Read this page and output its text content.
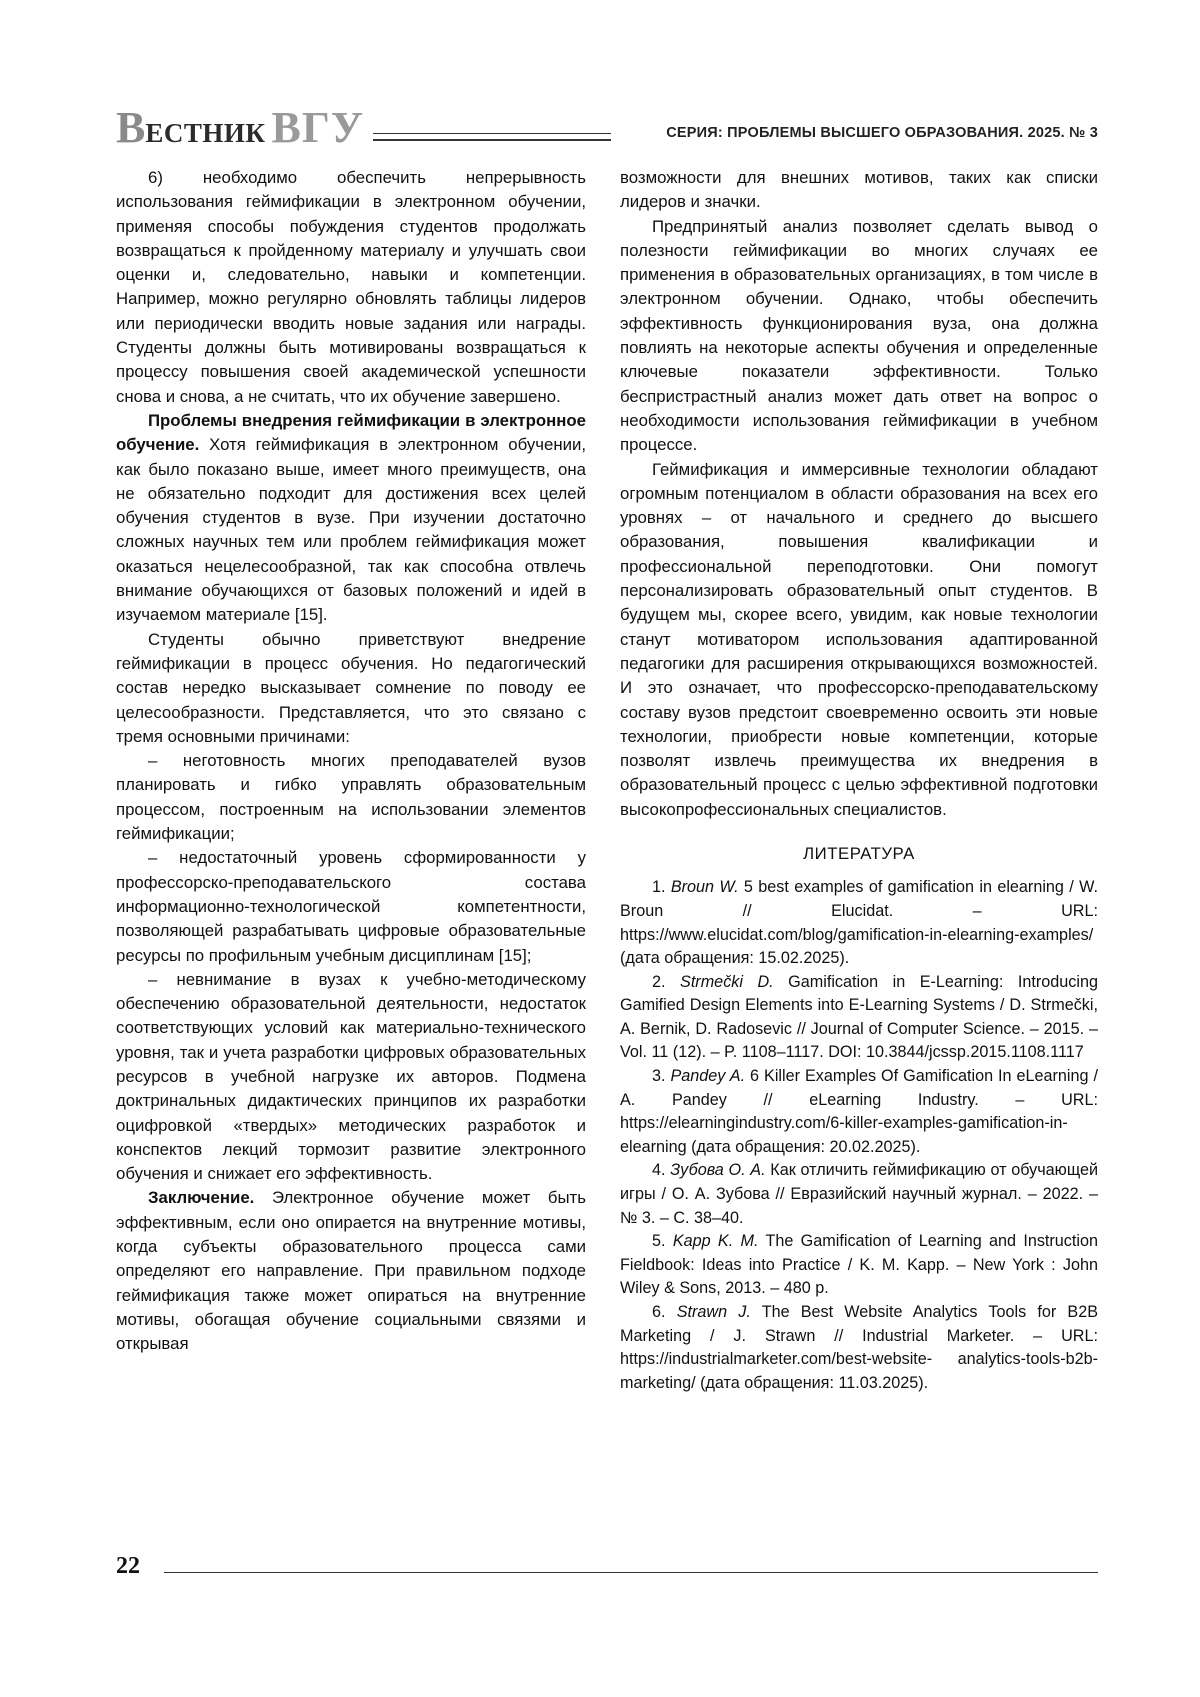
ВЕСТНИК ВГУ	СЕРИЯ: ПРОБЛЕМЫ ВЫСШЕГО ОБРАЗОВАНИЯ. 2025. № 3

6) необходимо обеспечить непрерывность использования геймификации в электронном обучении, применяя способы побуждения студентов продолжать возвращаться к пройденному материалу и улучшать свои оценки и, следовательно, навыки и компетенции. Например, можно регулярно обновлять таблицы лидеров или периодически вводить новые задания или награды. Студенты должны быть мотивированы возвращаться к процессу повышения своей академической успешности снова и снова, а не считать, что их обучение завершено.

Проблемы внедрения геймификации в электронное обучение. Хотя геймификация в электронном обучении, как было показано выше, имеет много преимуществ, она не обязательно подходит для достижения всех целей обучения студентов в вузе. При изучении достаточно сложных научных тем или проблем геймификация может оказаться нецелесообразной, так как способна отвлечь внимание обучающихся от базовых положений и идей в изучаемом материале [15].

Студенты обычно приветствуют внедрение геймификации в процесс обучения. Но педагогический состав нередко высказывает сомнение по поводу ее целесообразности. Представляется, что это связано с тремя основными причинами:

– неготовность многих преподавателей вузов планировать и гибко управлять образовательным процессом, построенным на использовании элементов геймификации;

– недостаточный уровень сформированности у профессорско-преподавательского состава информационно-технологической компетентности, позволяющей разрабатывать цифровые образовательные ресурсы по профильным учебным дисциплинам [15];

– невнимание в вузах к учебно-методическому обеспечению образовательной деятельности, недостаток соответствующих условий как материально-технического уровня, так и учета разработки цифровых образовательных ресурсов в учебной нагрузке их авторов. Подмена доктринальных дидактических принципов их разработки оцифровкой «твердых» методических разработок и конспектов лекций тормозит развитие электронного обучения и снижает его эффективность.

Заключение. Электронное обучение может быть эффективным, если оно опирается на внутренние мотивы, когда субъекты образовательного процесса сами определяют его направление. При правильном подходе геймификация также может опираться на внутренние мотивы, обогащая обучение социальными связями и открывая

возможности для внешних мотивов, таких как списки лидеров и значки.

Предпринятый анализ позволяет сделать вывод о полезности геймификации во многих случаях ее применения в образовательных организациях, в том числе в электронном обучении. Однако, чтобы обеспечить эффективность функционирования вуза, она должна повлиять на некоторые аспекты обучения и определенные ключевые показатели эффективности. Только беспристрастный анализ может дать ответ на вопрос о необходимости использования геймификации в учебном процессе.

Геймификация и иммерсивные технологии обладают огромным потенциалом в области образования на всех его уровнях – от начального и среднего до высшего образования, повышения квалификации и профессиональной переподготовки. Они помогут персонализировать образовательный опыт студентов. В будущем мы, скорее всего, увидим, как новые технологии станут мотиватором использования адаптированной педагогики для расширения открывающихся возможностей. И это означает, что профессорско-преподавательскому составу вузов предстоит своевременно освоить эти новые технологии, приобрести новые компетенции, которые позволят извлечь преимущества их внедрения в образовательный процесс с целью эффективной подготовки высокопрофессиональных специалистов.

ЛИТЕРАТУРА

1. Broun W. 5 best examples of gamification in elearning / W. Broun // Elucidat. – URL: https://www.elucidat.com/blog/gamification-in-elearning-examples/ (дата обращения: 15.02.2025).

2. Strmečki D. Gamification in E-Learning: Introducing Gamified Design Elements into E-Learning Systems / D. Strmečki, A. Bernik, D. Radosevic // Journal of Computer Science. – 2015. – Vol. 11 (12). – P. 1108–1117. DOI: 10.3844/jcssp.2015.1108.1117

3. Pandey A. 6 Killer Examples Of Gamification In eLearning / A. Pandey // eLearning Industry. – URL: https://elearningindustry.com/6-killer-examples-gamification-in-elearning (дата обращения: 20.02.2025).

4. Зубова О. А. Как отличить геймификацию от обучающей игры / О. А. Зубова // Евразийский научный журнал. – 2022. – № 3. – С. 38–40.

5. Kapp K. M. The Gamification of Learning and Instruction Fieldbook: Ideas into Practice / K. M. Kapp. – New York : John Wiley & Sons, 2013. – 480 p.

6. Strawn J. The Best Website Analytics Tools for B2B Marketing / J. Strawn // Industrial Marketer. – URL: https://industrialmarketer.com/best-website- analytics-tools-b2b-marketing/ (дата обращения: 11.03.2025).

22
